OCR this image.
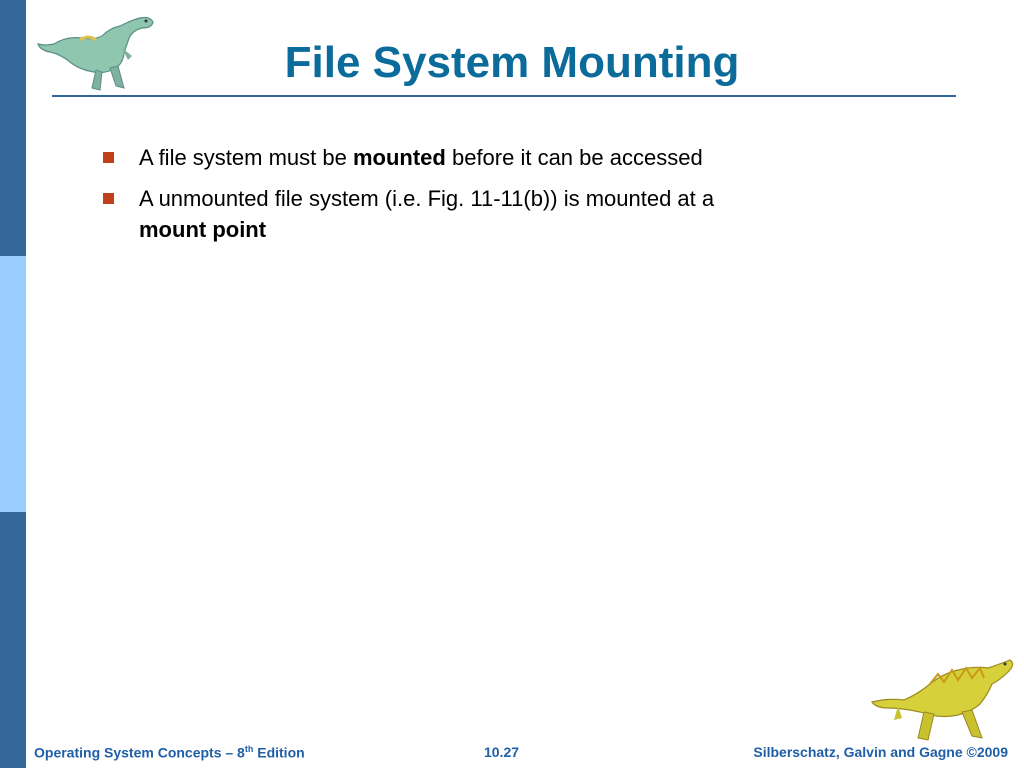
File System Mounting
A file system must be mounted before it can be accessed
A unmounted file system (i.e. Fig. 11-11(b)) is mounted at a
mount point
Operating System Concepts – 8th Edition	10.27	Silberschatz, Galvin and Gagne ©2009
